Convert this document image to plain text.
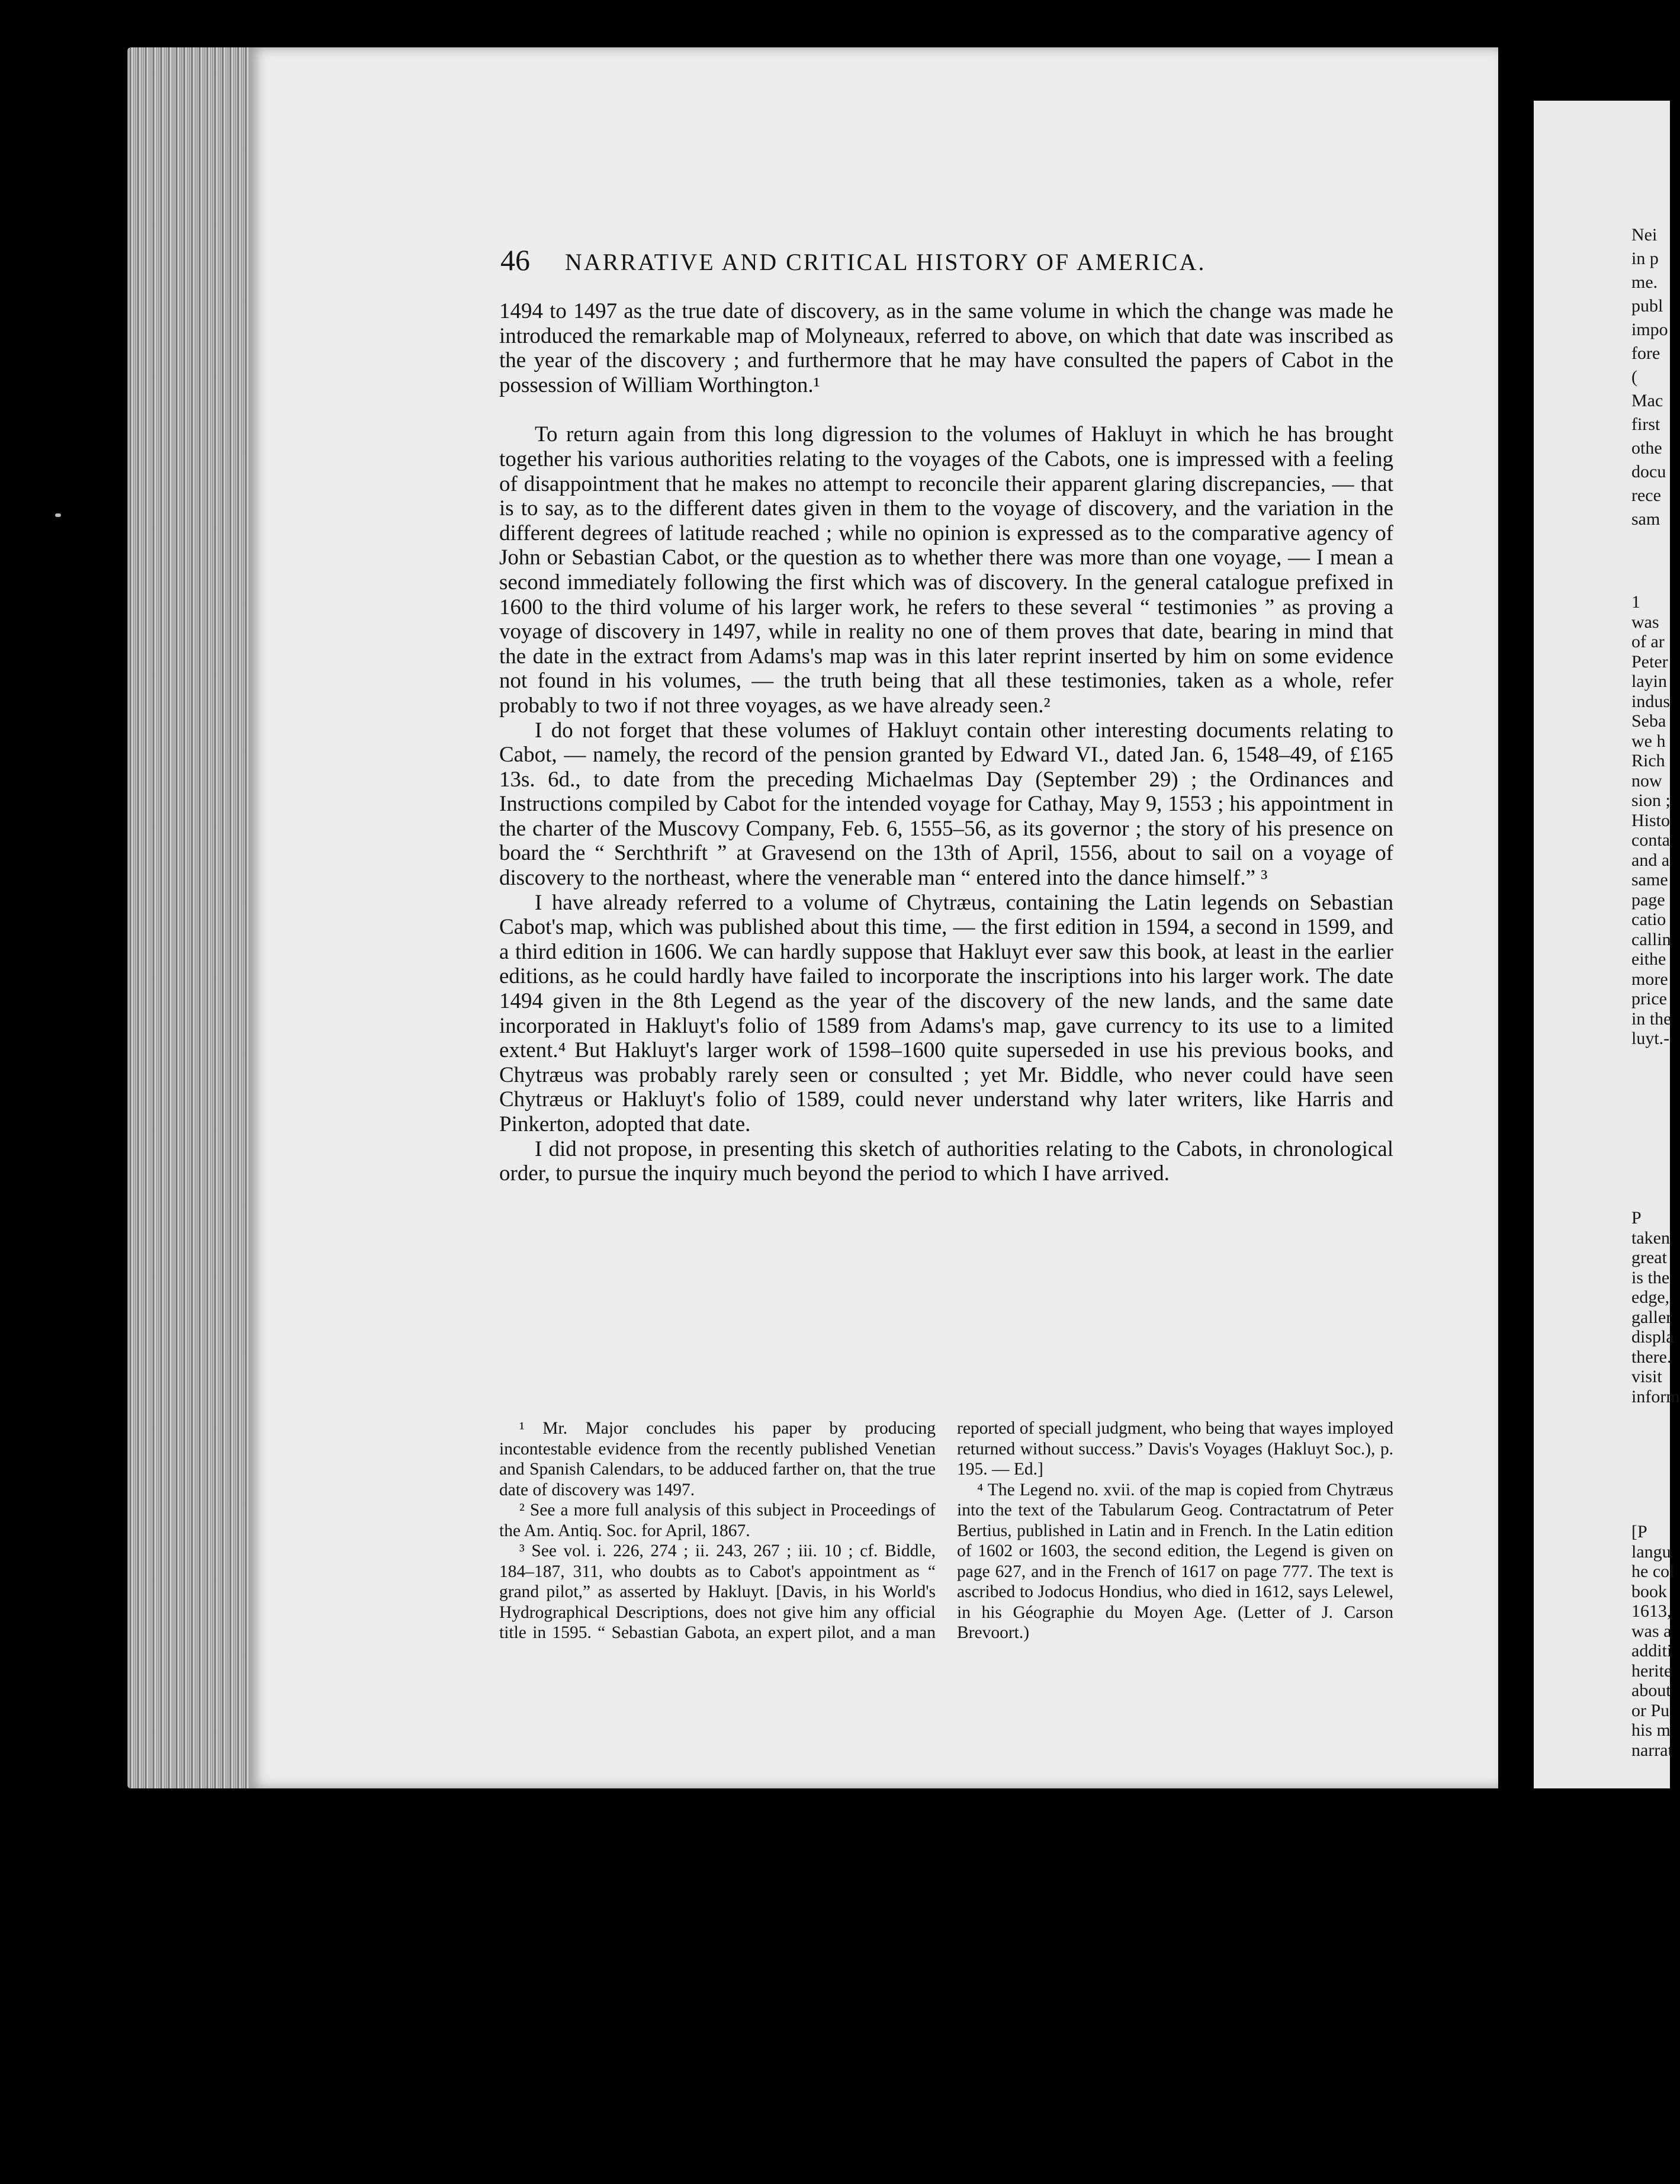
Nei
in p
me.
publ
impo
fore
(
Mac
first
othe
docu
rece
sam
1
was
of ar
Peter
layin
indus
Seba
we h
Rich
now
sion ;
Histo
conta
and a
same
page
catio
callin
eithe
more
price
in the
luyt.-
P
taken
great
is the
edge,
galler
displa
there.
visit
inform
[P
langu
he col
book
1613,
was a
additi
herite
about
or Pu
his m
narrat
46 NARRATIVE AND CRITICAL HISTORY OF AMERICA.

1494 to 1497 as the true date of discovery, as in the same volume in which the change was made he introduced the remarkable map of Molyneaux, referred to above, on which that date was inscribed as the year of the discovery ; and furthermore that he may have consulted the papers of Cabot in the possession of William Worthington.¹

To return again from this long digression to the volumes of Hakluyt in which he has brought together his various authorities relating to the voyages of the Cabots, one is impressed with a feeling of disappointment that he makes no attempt to reconcile their apparent glaring discrepancies, — that is to say, as to the different dates given in them to the voyage of discovery, and the variation in the different degrees of latitude reached ; while no opinion is expressed as to the comparative agency of John or Sebastian Cabot, or the question as to whether there was more than one voyage, — I mean a second immediately following the first which was of discovery. In the general catalogue prefixed in 1600 to the third volume of his larger work, he refers to these several “ testimonies ” as proving a voyage of discovery in 1497, while in reality no one of them proves that date, bearing in mind that the date in the extract from Adams's map was in this later reprint inserted by him on some evidence not found in his volumes, — the truth being that all these testimonies, taken as a whole, refer probably to two if not three voyages, as we have already seen.²

I do not forget that these volumes of Hakluyt contain other interesting documents relating to Cabot, — namely, the record of the pension granted by Edward VI., dated Jan. 6, 1548–49, of £165 13s. 6d., to date from the preceding Michaelmas Day (September 29) ; the Ordinances and Instructions compiled by Cabot for the intended voyage for Cathay, May 9, 1553 ; his appointment in the charter of the Muscovy Company, Feb. 6, 1555–56, as its governor ; the story of his presence on board the “ Serchthrift ” at Gravesend on the 13th of April, 1556, about to sail on a voyage of discovery to the northeast, where the venerable man “ entered into the dance himself.” ³

I have already referred to a volume of Chytræus, containing the Latin legends on Sebastian Cabot's map, which was published about this time, — the first edition in 1594, a second in 1599, and a third edition in 1606. We can hardly suppose that Hakluyt ever saw this book, at least in the earlier editions, as he could hardly have failed to incorporate the inscriptions into his larger work. The date 1494 given in the 8th Legend as the year of the discovery of the new lands, and the same date incorporated in Hakluyt's folio of 1589 from Adams's map, gave currency to its use to a limited extent.⁴ But Hakluyt's larger work of 1598–1600 quite superseded in use his previous books, and Chytræus was probably rarely seen or consulted ; yet Mr. Biddle, who never could have seen Chytræus or Hakluyt's folio of 1589, could never understand why later writers, like Harris and Pinkerton, adopted that date.

I did not propose, in presenting this sketch of authorities relating to the Cabots, in chronological order, to pursue the inquiry much beyond the period to which I have arrived.

¹ Mr. Major concludes his paper by producing incontestable evidence from the recently published Venetian and Spanish Calendars, to be adduced farther on, that the true date of discovery was 1497.

² See a more full analysis of this subject in Proceedings of the Am. Antiq. Soc. for April, 1867.

³ See vol. i. 226, 274 ; ii. 243, 267 ; iii. 10 ; cf. Biddle, 184–187, 311, who doubts as to Cabot's appointment as “ grand pilot,” as asserted by Hakluyt. [Davis, in his World's Hydrographical Descriptions, does not give him any official title in 1595. “ Sebastian Gabota, an expert pilot, and a man reported of speciall judgment, who being that wayes imployed returned without success.” Davis's Voyages (Hakluyt Soc.), p. 195. — Ed.]

⁴ The Legend no. xvii. of the map is copied from Chytræus into the text of the Tabularum Geog. Contractatrum of Peter Bertius, published in Latin and in French. In the Latin edition of 1602 or 1603, the second edition, the Legend is given on page 627, and in the French of 1617 on page 777. The text is ascribed to Jodocus Hondius, who died in 1612, says Lelewel, in his Géographie du Moyen Age. (Letter of J. Carson Brevoort.)
